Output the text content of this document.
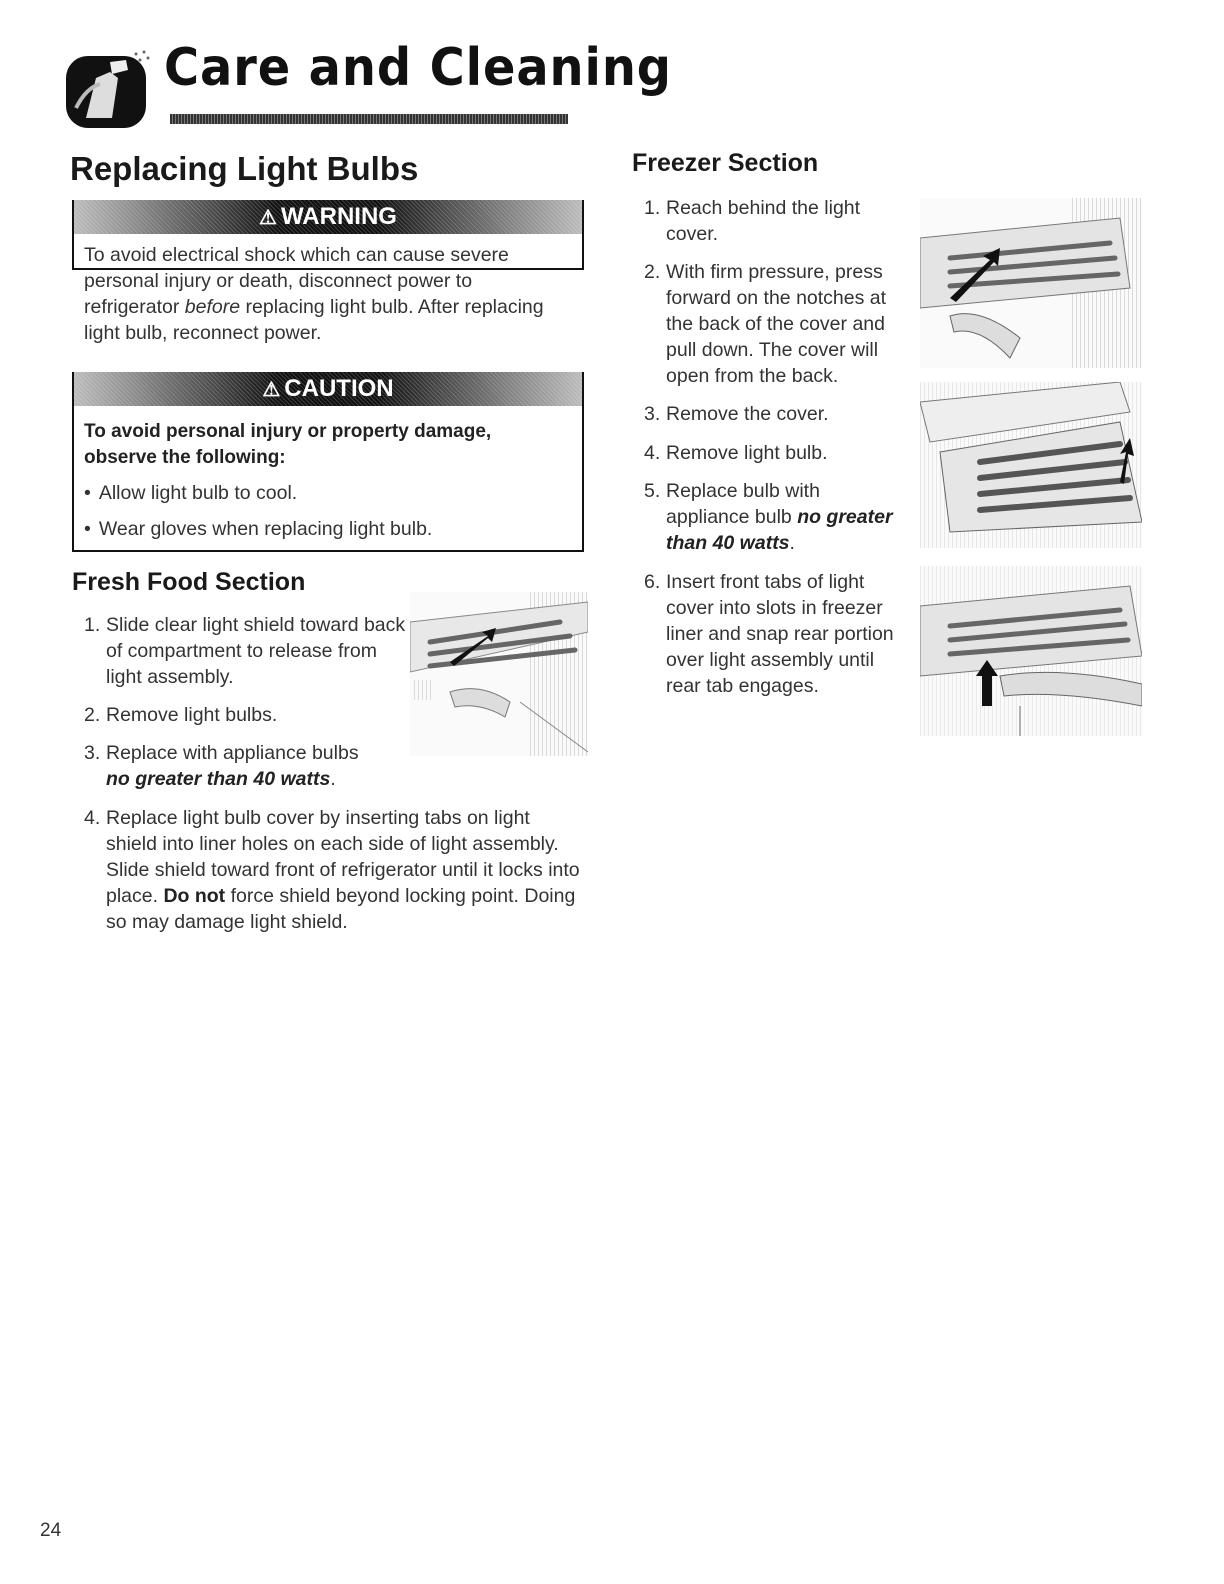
Care and Cleaning
Replacing Light Bulbs
⚠ WARNING
To avoid electrical shock which can cause severe personal injury or death, disconnect power to refrigerator before replacing light bulb. After replacing light bulb, reconnect power.
⚠ CAUTION
To avoid personal injury or property damage, observe the following:
• Allow light bulb to cool.
• Wear gloves when replacing light bulb.
Fresh Food Section
1. Slide clear light shield toward back of compartment to release from light assembly.
2. Remove light bulbs.
3. Replace with appliance bulbs
no greater than 40 watts.
4. Replace light bulb cover by inserting tabs on light shield into liner holes on each side of light assembly. Slide shield toward front of refrigerator until it locks into place. Do not force shield beyond locking point. Doing so may damage light shield.
Freezer Section
1. Reach behind the light cover.
2. With firm pressure, press forward on the notches at the back of the cover and pull down. The cover will open from the back.
3. Remove the cover.
4. Remove light bulb.
5. Replace bulb with appliance bulb no greater than 40 watts.
6. Insert front tabs of light cover into slots in freezer liner and snap rear portion over light assembly until rear tab engages.
24
